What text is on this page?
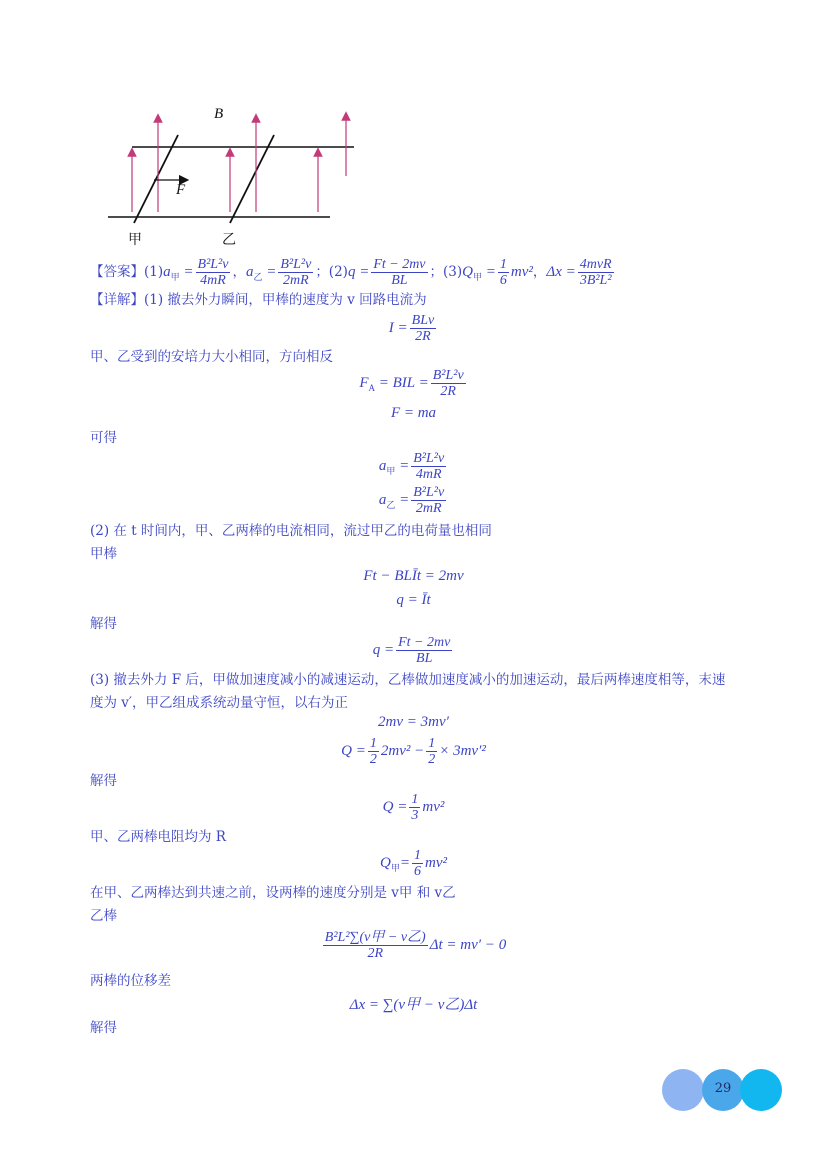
B
F
甲	乙
【答案】$(1)a_甲 = \frac{\text{B²L²v}}{4mR}$ ，$a_乙 = \frac{\text{B²L²v}}{2mR}$ ；$(2)q = \frac{Ft - 2mv}{BL}$ ；$(3)Q_甲 = \frac{1}{6} mv^2$，$\Delta x = \frac{\text{4mvR}}{\text{3B²L²}}$
【详解】(1) 撤去外力瞬间，甲棒的速度为 v 回路电流为
$I = \frac{\text{BLv}}{2R}$
甲、乙受到的安培力大小相同，方向相反
$F_A$ = BIL = $\frac{\text{B²L²v}}{2R}$
F = ma
可得
$a_甲 = \frac{\text{B²L²v}}{4mR}$
$a_乙 = \frac{\text{B²L²v}}{2mR}$
(2) 在 t 时间内，甲、乙两棒的电流相同，流过甲乙的电荷量也相同
甲棒
Ft − BLĪt = 2mv
q = Īt
解得
$q = \frac{Ft - 2mv}{BL}$
(3) 撤去外力 F 后，甲做加速度减小的减速运动，乙棒做加速度减小的加速运动，最后两棒速度相等，末速
度为 v′，甲乙组成系统动量守恒，以右为正
2mv = 3mv′
$Q = \frac{1}{2} 2mv^2 - \frac{1}{2} \times 3mv'^2$
解得
$Q = \frac{1}{3} mv^2$
甲、乙两棒电阻均为 R
$Q_甲= \frac{1}{6} mv^2$
在甲、乙两棒达到共速之前，设两棒的速度分别是 v甲 和 v乙
乙棒
$\frac{\text{B²L²∑(v甲 − v乙)}}{2R}$ Δt = mv′ − 0
两棒的位移差
Δx = ∑(v甲 − v乙)Δt
解得
29
知乎 @分享之家
